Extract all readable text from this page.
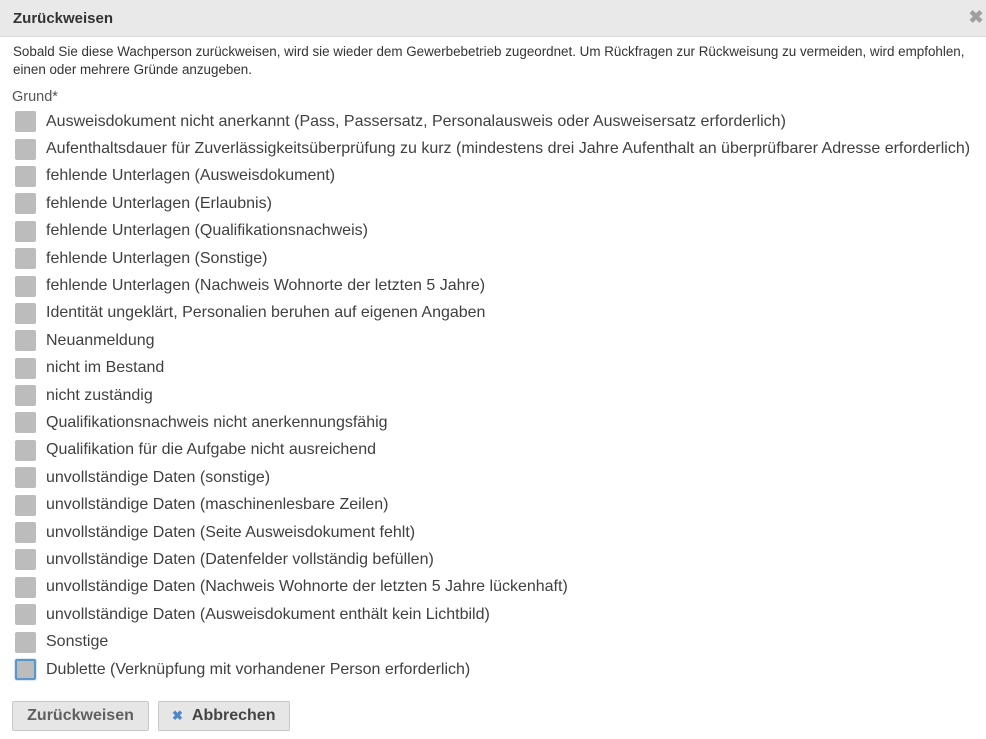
Zurückweisen	✖
Sobald Sie diese Wachperson zurückweisen, wird sie wieder dem Gewerbebetrieb zugeordnet. Um Rückfragen zur Rückweisung zu vermeiden, wird empfohlen, einen oder mehrere Gründe anzugeben.
Grund*
Ausweisdokument nicht anerkannt (Pass, Passersatz, Personalausweis oder Ausweisersatz erforderlich)
Aufenthaltsdauer für Zuverlässigkeitsüberprüfung zu kurz (mindestens drei Jahre Aufenthalt an überprüfbarer Adresse erforderlich)
fehlende Unterlagen (Ausweisdokument)
fehlende Unterlagen (Erlaubnis)
fehlende Unterlagen (Qualifikationsnachweis)
fehlende Unterlagen (Sonstige)
fehlende Unterlagen (Nachweis Wohnorte der letzten 5 Jahre)
Identität ungeklärt, Personalien beruhen auf eigenen Angaben
Neuanmeldung
nicht im Bestand
nicht zuständig
Qualifikationsnachweis nicht anerkennungsfähig
Qualifikation für die Aufgabe nicht ausreichend
unvollständige Daten (sonstige)
unvollständige Daten (maschinenlesbare Zeilen)
unvollständige Daten (Seite Ausweisdokument fehlt)
unvollständige Daten (Datenfelder vollständig befüllen)
unvollständige Daten (Nachweis Wohnorte der letzten 5 Jahre lückenhaft)
unvollständige Daten (Ausweisdokument enthält kein Lichtbild)
Sonstige
Dublette (Verknüpfung mit vorhandener Person erforderlich)
Zurückweisen	✖ Abbrechen
